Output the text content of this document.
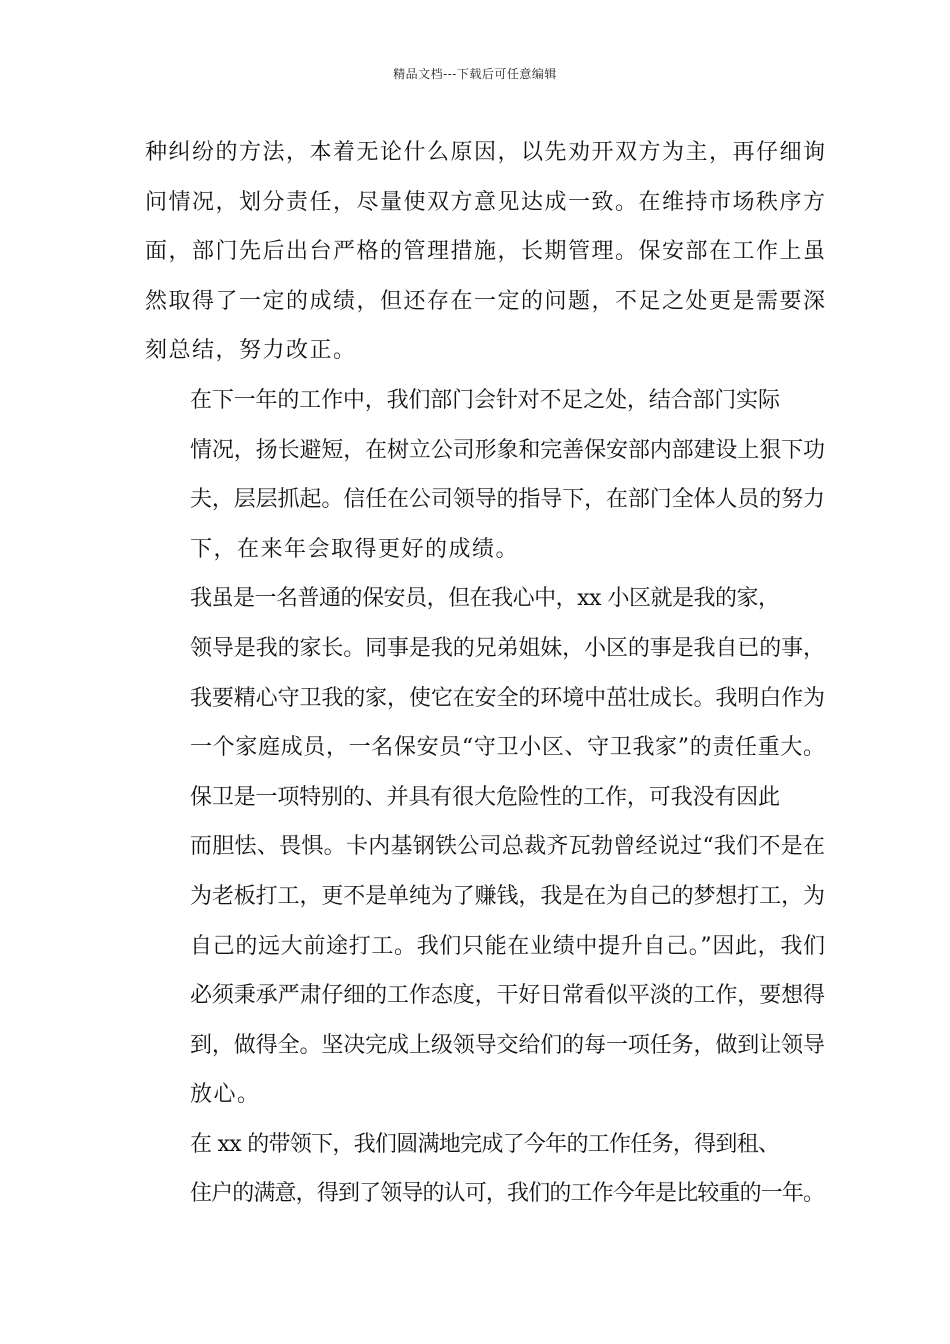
精品文档---下载后可任意编辑

种纠纷的方法，本着无论什么原因，以先劝开双方为主，再仔细询
问情况，划分责任，尽量使双方意见达成一致。在维持市场秩序方
面，部门先后出台严格的管理措施，长期管理。保安部在工作上虽
然取得了一定的成绩，但还存在一定的问题，不足之处更是需要深
刻总结，努力改正。

在下一年的工作中，我们部门会针对不足之处，结合部门实际
情况，扬长避短，在树立公司形象和完善保安部内部建设上狠下功
夫，层层抓起。信任在公司领导的指导下，在部门全体人员的努力
下，在来年会取得更好的成绩。

我虽是一名普通的保安员，但在我心中，xx 小区就是我的家，
领导是我的家长。同事是我的兄弟姐妹，小区的事是我自已的事，
我要精心守卫我的家，使它在安全的环境中茁壮成长。我明白作为
一个家庭成员，一名保安员“守卫小区、守卫我家”的责任重大。

保卫是一项特别的、并具有很大危险性的工作，可我没有因此
而胆怯、畏惧。卡内基钢铁公司总裁齐瓦勃曾经说过“我们不是在
为老板打工，更不是单纯为了赚钱，我是在为自己的梦想打工，为
自己的远大前途打工。我们只能在业绩中提升自己。”因此，我们
必须秉承严肃仔细的工作态度，干好日常看似平淡的工作，要想得
到，做得全。坚决完成上级领导交给们的每一项任务，做到让领导
放心。

在 xx 的带领下，我们圆满地完成了今年的工作任务，得到租、
住户的满意，得到了领导的认可，我们的工作今年是比较重的一年。
